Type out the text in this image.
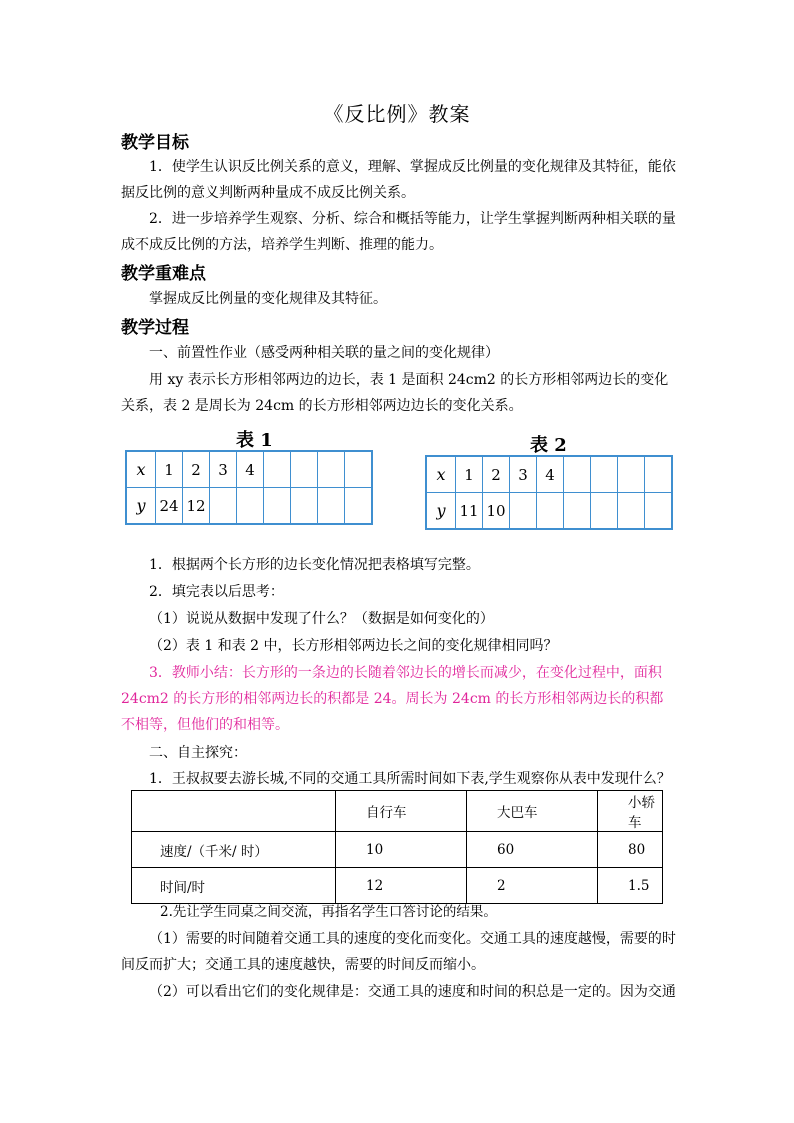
《反比例》教案
教学目标
1．使学生认识反比例关系的意义，理解、掌握成反比例量的变化规律及其特征，能依据反比例的意义判断两种量成不成反比例关系。
2．进一步培养学生观察、分析、综合和概括等能力，让学生掌握判断两种相关联的量成不成反比例的方法，培养学生判断、推理的能力。
教学重难点
掌握成反比例量的变化规律及其特征。
教学过程
一、前置性作业（感受两种相关联的量之间的变化规律）
用 xy 表示长方形相邻两边的边长，表 1 是面积 24cm2 的长方形相邻两边长的变化关系，表 2 是周长为 24cm 的长方形相邻两边边长的变化关系。
表 1
x	1	2	3	4				
y	24	12						
表 2
x	1	2	3	4				
y	11	10						
1．根据两个长方形的边长变化情况把表格填写完整。
2．填完表以后思考：
（1）说说从数据中发现了什么？（数据是如何变化的）
（2）表 1 和表 2 中，长方形相邻两边长之间的变化规律相同吗？
3．教师小结：长方形的一条边的长随着邻边长的增长而减少，在变化过程中，面积 24cm2 的长方形的相邻两边长的积都是 24。周长为 24cm 的长方形相邻两边长的积都不相等，但他们的和相等。
二、自主探究：
1．王叔叔要去游长城,不同的交通工具所需时间如下表,学生观察你从表中发现什么？
	自行车	大巴车	小轿车
速度/（千米/ 时）	10	60	80
时间/时	12	2	1.5
2.先让学生同桌之间交流，再指名学生口答讨论的结果。
（1）需要的时间随着交通工具的速度的变化而变化。交通工具的速度越慢，需要的时间反而扩大；交通工具的速度越快，需要的时间反而缩小。
（2）可以看出它们的变化规律是：交通工具的速度和时间的积总是一定的。因为交通
